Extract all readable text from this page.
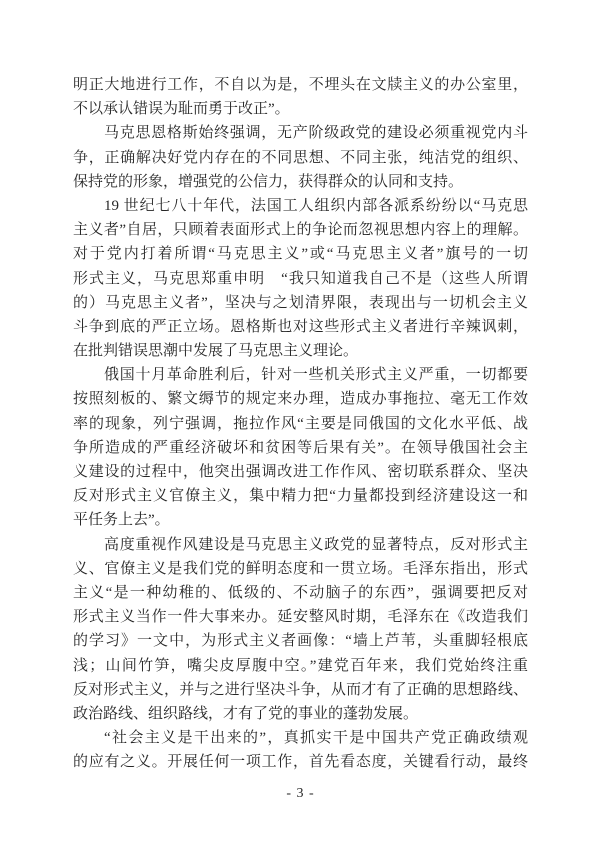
明正大地进行工作，不自以为是，不埋头在文牍主义的办公室里，
不以承认错误为耻而勇于改正”。
马克思恩格斯始终强调，无产阶级政党的建设必须重视党内斗
争，正确解决好党内存在的不同思想、不同主张，纯洁党的组织、
保持党的形象，增强党的公信力，获得群众的认同和支持。
19 世纪七八十年代，法国工人组织内部各派系纷纷以“马克思
主义者”自居，只顾着表面形式上的争论而忽视思想内容上的理解。
对于党内打着所谓“马克思主义”或“马克思主义者”旗号的一切
形式主义，马克思郑重申明　“我只知道我自己不是（这些人所谓
的）马克思主义者”，坚决与之划清界限，表现出与一切机会主义
斗争到底的严正立场。恩格斯也对这些形式主义者进行辛辣讽刺，
在批判错误思潮中发展了马克思主义理论。
俄国十月革命胜利后，针对一些机关形式主义严重，一切都要
按照刻板的、繁文缛节的规定来办理，造成办事拖拉、毫无工作效
率的现象，列宁强调，拖拉作风“主要是同俄国的文化水平低、战
争所造成的严重经济破坏和贫困等后果有关”。在领导俄国社会主
义建设的过程中，他突出强调改进工作作风、密切联系群众、坚决
反对形式主义官僚主义，集中精力把“力量都投到经济建设这一和
平任务上去”。
高度重视作风建设是马克思主义政党的显著特点，反对形式主
义、官僚主义是我们党的鲜明态度和一贯立场。毛泽东指出，形式
主义“是一种幼稚的、低级的、不动脑子的东西”，强调要把反对
形式主义当作一件大事来办。延安整风时期，毛泽东在《改造我们
的学习》一文中，为形式主义者画像：“墙上芦苇，头重脚轻根底
浅；山间竹笋，嘴尖皮厚腹中空。”建党百年来，我们党始终注重
反对形式主义，并与之进行坚决斗争，从而才有了正确的思想路线、
政治路线、组织路线，才有了党的事业的蓬勃发展。
“社会主义是干出来的”，真抓实干是中国共产党正确政绩观
的应有之义。开展任何一项工作，首先看态度，关键看行动，最终
- 3 -
